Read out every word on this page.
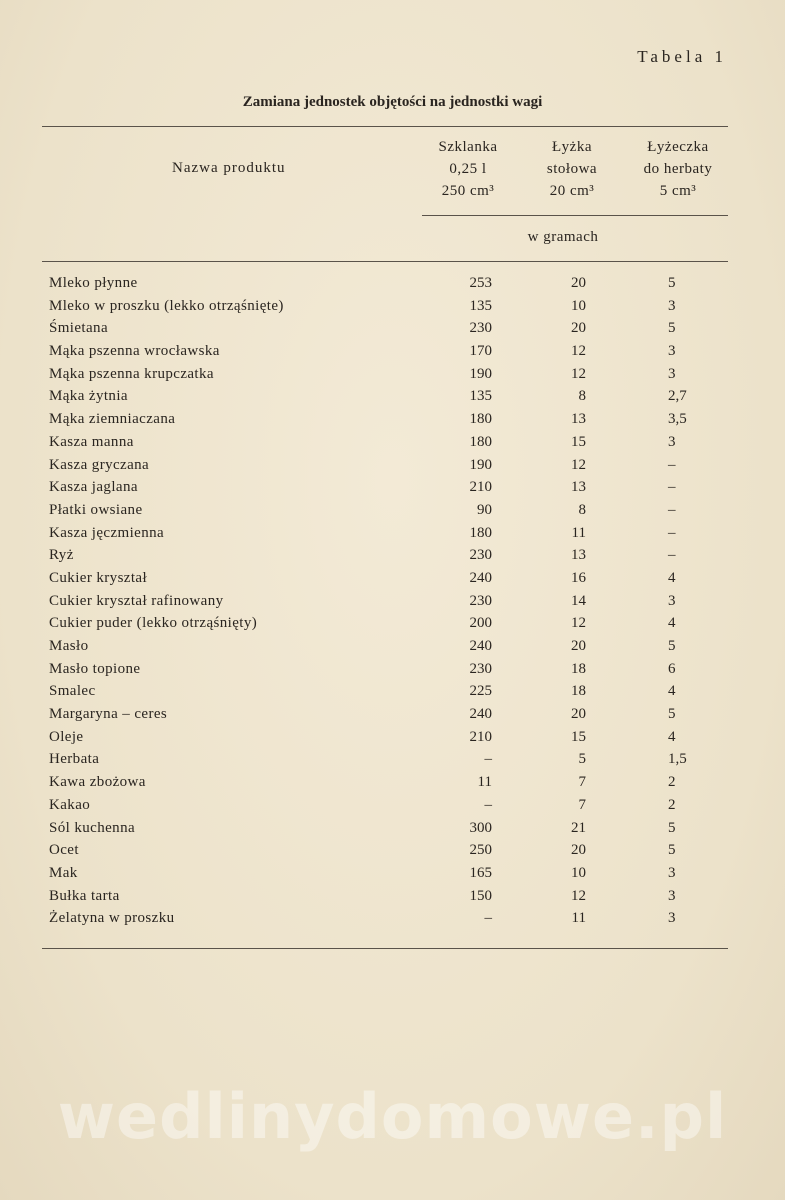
Tabela 1
Zamiana jednostek objętości na jednostki wagi
Nazwa produktu
Szklanka
0,25 l
250 cm³
Łyżka
stołowa
20 cm³
Łyżeczka
do herbaty
5 cm³
w gramach
Mleko płynne	253	20	5
Mleko w proszku (lekko otrząśnięte)	135	10	3
Śmietana	230	20	5
Mąka pszenna wrocławska	170	12	3
Mąka pszenna krupczatka	190	12	3
Mąka żytnia	135	8	2,7
Mąka ziemniaczana	180	13	3,5
Kasza manna	180	15	3
Kasza gryczana	190	12	–
Kasza jaglana	210	13	–
Płatki owsiane	90	8	–
Kasza jęczmienna	180	11	–
Ryż	230	13	–
Cukier kryształ	240	16	4
Cukier kryształ rafinowany	230	14	3
Cukier puder (lekko otrząśnięty)	200	12	4
Masło	240	20	5
Masło topione	230	18	6
Smalec	225	18	4
Margaryna – ceres	240	20	5
Oleje	210	15	4
Herbata	–	5	1,5
Kawa zbożowa	11	7	2
Kakao	–	7	2
Sól kuchenna	300	21	5
Ocet	250	20	5
Mak	165	10	3
Bułka tarta	150	12	3
Żelatyna w proszku	–	11	3
wedlinydomowe.pl
